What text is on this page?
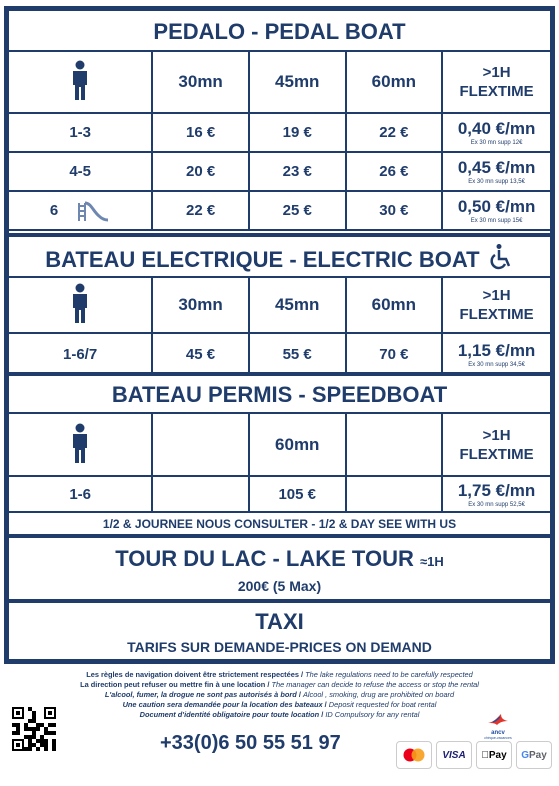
PEDALO - PEDAL BOAT
	30mn	45mn	60mn	>1H
FLEXTIME
1-3	16 €	19 €	22 €	0,40 €/mn
Ex 30 mn supp 12€

4-5	20 €	23 €	26 €	0,45 €/mn
Ex 30 mn supp 13,5€

6	22 €	25 €	30 €	0,50 €/mn
Ex 30 mn supp 15€
BATEAU ELECTRIQUE - ELECTRIC BOAT
	30mn	45mn	60mn	>1H
FLEXTIME
1-6/7	45 €	55 €	70 €	1,15 €/mn
Ex 30 mn supp 34,5€
BATEAU PERMIS - SPEEDBOAT
		60mn		>1H
FLEXTIME
1-6		105 €		1,75 €/mn
Ex 30 mn supp 52,5€

1/2 & JOURNEE NOUS CONSULTER - 1/2 & DAY SEE WITH US				
TOUR DU LAC - LAKE TOUR ≈1H
200€ (5 Max)
TAXI
TARIFS SUR DEMANDE-PRICES ON DEMAND
Les règles de navigation doivent être strictement respectées / The lake regulations need to be carefully respected
La direction peut refuser ou mettre fin à une location / The manager can decide to refuse the access or stop the rental
L'alcool, fumer, la drogue ne sont pas autorisés à bord / Alcool , smoking, drug are prohibited on board
Une caution sera demandée pour la location des bateaux / Deposit requested for boat rental
Document d'identité obligatoire pour toute location / ID Compulsory for any rental
+33(0)6 50 55 51 97	ancv
chèque-vacances
VISA Pay G Pay
